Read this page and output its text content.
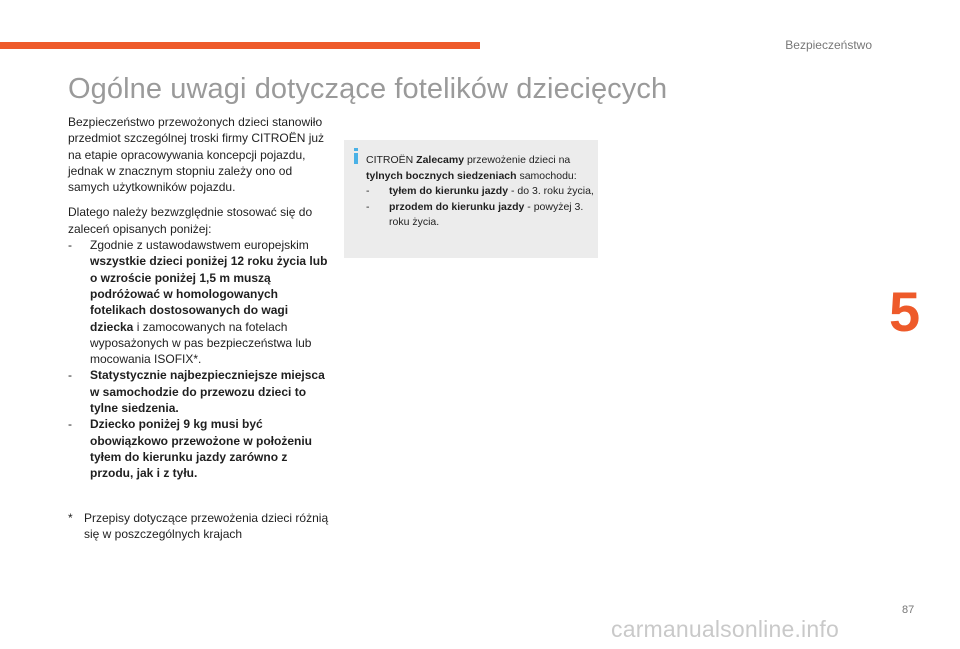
Bezpieczeństwo
Ogólne uwagi dotyczące fotelików dziecięcych

Bezpieczeństwo przewożonych dzieci stanowiło przedmiot szczególnej troski firmy CITROËN już na etapie opracowywania koncepcji pojazdu, jednak w znacznym stopniu zależy ono od samych użytkowników pojazdu.

Dlatego należy bezwzględnie stosować się do zaleceń opisanych poniżej:

- Zgodnie z ustawodawstwem europejskim wszystkie dzieci poniżej 12 roku życia lub o wzroście poniżej 1,5 m muszą podróżować w homologowanych fotelikach dostosowanych do wagi dziecka i zamocowanych na fotelach wyposażonych w pas bezpieczeństwa lub mocowania ISOFIX*.
- Statystycznie najbezpieczniejsze miejsca w samochodzie do przewozu dzieci to tylne siedzenia.
- Dziecko poniżej 9 kg musi być obowiązkowo przewożone w położeniu tyłem do kierunku jazdy zarówno z przodu, jak i z tyłu.
* Przepisy dotyczące przewożenia dzieci różnią się w poszczególnych krajach
CITROËN Zalecamy przewożenie dzieci na tylnych bocznych siedzeniach samochodu:
- tyłem do kierunku jazdy - do 3. roku życia,
- przodem do kierunku jazdy - powyżej 3. roku życia.
5
87
carmanualsonline.info
